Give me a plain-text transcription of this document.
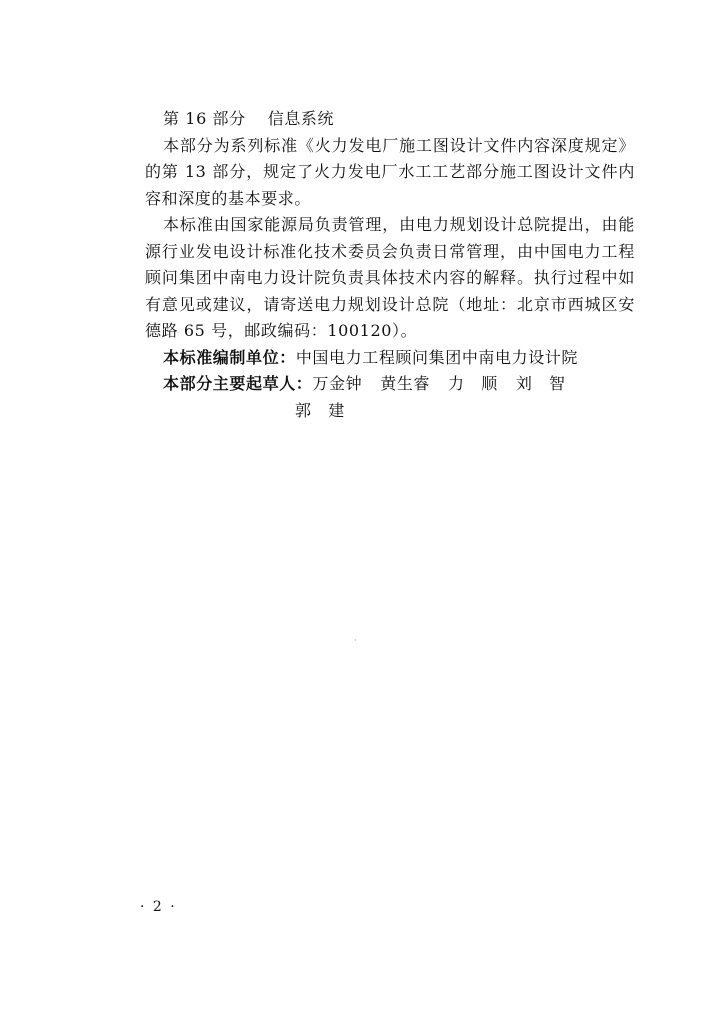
第 16 部分 信息系统
本部分为系列标准《火力发电厂施工图设计文件内容深度规定》的第 13 部分，规定了火力发电厂水工工艺部分施工图设计文件内容和深度的基本要求。
本标准由国家能源局负责管理，由电力规划设计总院提出，由能源行业发电设计标准化技术委员会负责日常管理，由中国电力工程顾问集团中南电力设计院负责具体技术内容的解释。执行过程中如有意见或建议，请寄送电力规划设计总院（地址：北京市西城区安德路 65 号，邮政编码：100120）。
本标准编制单位：中国电力工程顾问集团中南电力设计院
本部分主要起草人：万金钟 黄生睿 力　顺 刘　智
郭　建
·
· 2 ·
